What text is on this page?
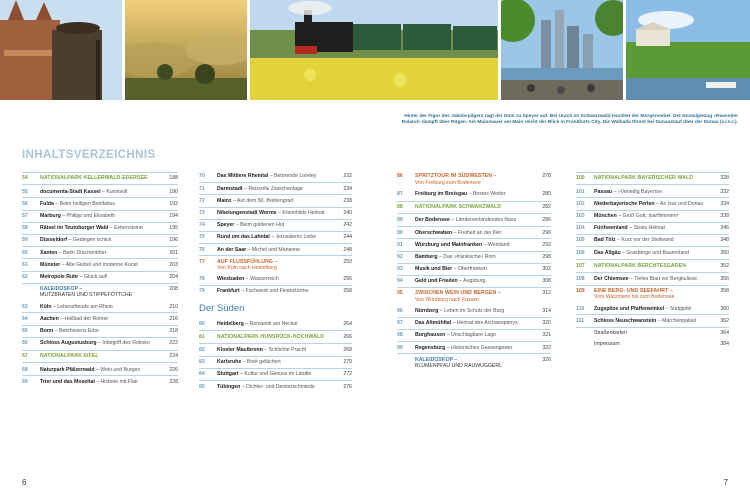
Hinter der Figur des Jakobspilgers ragt der Dom zu Speyer auf. Bei Urach im Schwarzwald leuchtet der Morgennebel. Der Nostalgiezug »Rasender Roland« dampft über Rügen. Am Mainmauer am Main reicht der Blick in Frankfurts City. Die Walhalla thront bei Donaustauf über der Donau (v.l.n.r.).
INHALTSVERZEICHNIS
54	NATIONALPARK KELLERWALD-EDERSEE	188
55	documenta-Stadt Kassel – Kunstvoll	190
56	Fulda – Beim heiligen Bonifatius	192
57	Marburg – Philipp und Elisabeth	194
58	Rätsel im Teutoburger Wald – Externsteine	195
59	Düsseldorf – Gediegen schick	196
60	Xanten – Beim Drachentöter	201
61	Münster – Alte Giebel und moderne Kunst	203
62	Metropole Ruhr – Glück auf!	204
KALEIDOSKOP –
MUTZBRATEN UND STIPPEFÖTTCHE
208
63	Köln – Lebensfreude am Rhein	210
64	Aachen – Heilbad der Römer	216
65	Bonn – Beethovens Erbe	218
66	Schloss Augustusburg – Inbegriff des Rokoko	222
67	NATIONALPARK EIFEL	224
68	Naturpark Pfälzerwald – Wein und Burgen	226
69	Trier und das Moseltal – Historie mit Flair	228
70	Das Mittlere Rheintal – Betörende Loreley	232
71	Darmstadt – Reizvolle Zwischenlage	234
72	Mainz – Auf dem 50. Breitengrad	238
73	Nibelungenstadt Worms – Kriemhilds Heimat	240
74	Speyer – Beim goldenen Hut	242
75	Rund um das Lahntal – Jerusalems Liebe	244
76	An der Saar – Michel und Marianne	248
77	AUF FLUSSFÜHLUNG –
Von Köln nach Heidelberg
250
78	Wiesbaden – Wasserreich	256
79	Frankfurt – Fachwerk und Finanztürme	258
Der Süden
80	Heidelberg – Romantik am Neckar	264
81	NATIONALPARK HUNSRÜCK-HOCHWALD	266
82	Kloster Maulbronn – Schlichte Pracht	268
83	Karlsruhe – Breit gefächert	270
84	Stuttgart – Kultur und Genuss im Ländle	272
85	Tübingen – Dichter- und Denkerschmiede	276
86	SPRITZTOUR IM SÜDWESTEN –
Von Freiburg zum Bodensee
278
87	Freiburg im Breisgau – Bestes Wetter	280
88	NATIONALPARK SCHWARZWALD	282
89	Der Bodensee – Länderverbindendes Nass	286
90	Oberschwaben – Freiheit an der Iller	290
91	Würzburg und Mainfranken – Weinland	292
92	Bamberg – Das »fränkische« Rom	298
93	Musik und Bier – Oberfranken	302
94	Geld und Frieden – Augsburg	308
95	ZWISCHEN WEIN UND BERGEN –
Von Würzburg nach Füssen
312
96	Nürnberg – Leben im Schutz der Burg	314
97	Das Altmühltal – Heimat des Archaeopteryx	320
98	Burghausen – Unschlagbare Lage	321
99	Regensburg – Historisches Gassengewirr	322
KALEIDOSKOP –
BLUMENPFAU UND RAUWUGGERL
326
100	NATIONALPARK BAYERISCHER WALD	328
101	Passau – »Venedig Bayerns«	332
102	Niederbayerische Perlen – An Isar und Donau	334
103	München – Grüß Gott, Isarflimmern!	338
104	Fünfseenland – Sissis Heimat	346
105	Bad Tölz – Kurz vor der Steilwand	348
106	Das Allgäu – Grasberge und Bauernland	350
107	NATIONALPARK BERCHTESGADEN	352
108	Der Chiemsee – Tiefes Blau vor Bergkulisse	356
109	EINE BERG- UND SEEFAHRT –
Vom Watzmann bis zum Bodensee
358
110	Zugspitze und Pfaffenwinkel – Südgipfel	360
111	Schloss Neuschwanstein – Märchenpalast	362
Straßenkarten	364
Impressum	384
6	7
